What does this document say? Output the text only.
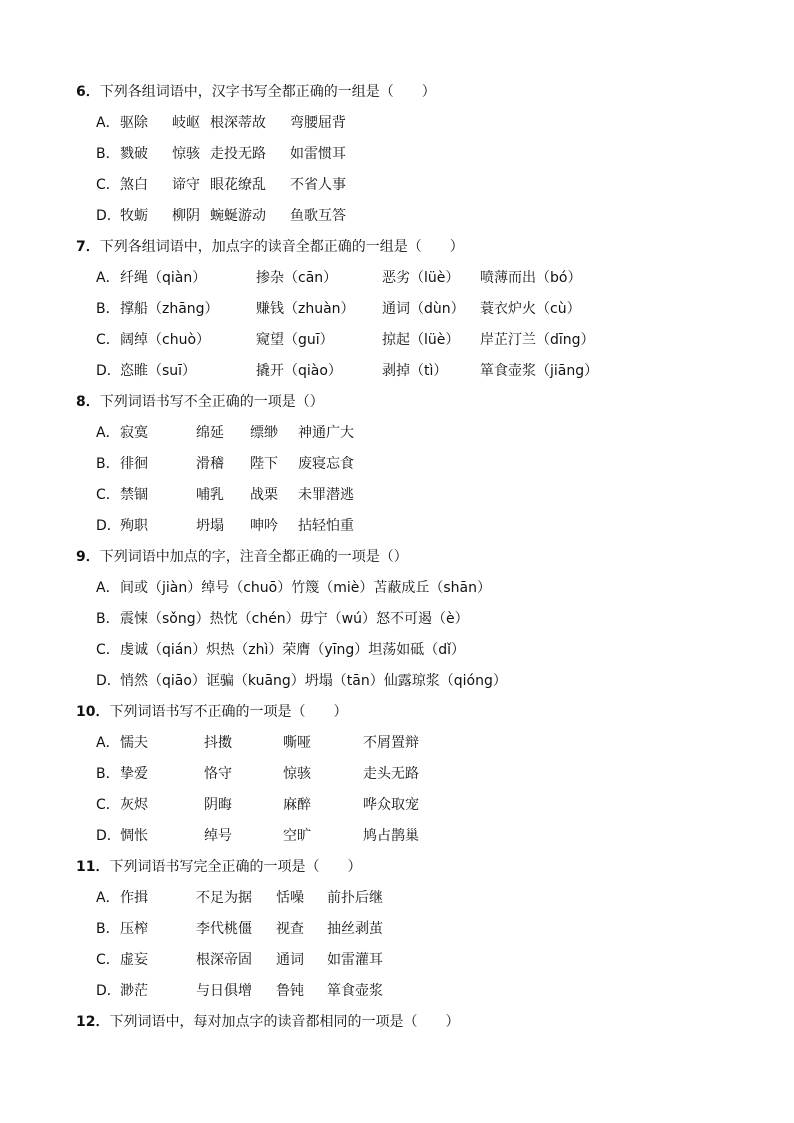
6．下列各组词语中，汉字书写全都正确的一组是（　　）
A． 驱除 岐岖 根深蒂故 弯腰屈背
B． 戮破 惊骇 走投无路 如雷惯耳
C． 煞白 谛守 眼花缭乱 不省人事
D． 牧蛎 柳阴 蜿蜒游动 鱼歌互答
7．下列各组词语中，加点字的读音全都正确的一组是（　　）
A． 纤绳（qiàn）	掺杂（cān）	恶劣（lüè） 喷薄而出（bó）
B． 撑船（zhāng）	赚钱（zhuàn） 通词（dùn） 蓑衣炉火（cù）
C． 阔绰（chuò）	窥望（guī）	掠起（lüè） 岸芷汀兰（dīng）
D． 恣睢（suī）	撬开（qiào）	剥掉（tì） 箪食壶浆（jiāng）
8．下列词语书写不全正确的一项是（）
A． 寂寞	绵延 缥缈 神通广大
B． 徘徊	滑稽 陛下 废寝忘食
C． 禁锢	哺乳 战栗 未罪潜逃
D． 殉职	坍塌 呻吟 拈轻怕重
9．下列词语中加点的字，注音全都正确的一项是（）
A． 间或（jiàn）绰号（chuō）竹篾（miè）苫蔽成丘（shān）
B． 震悚（sǒng）热忱（chén）毋宁（wú）怒不可遏（è）
C． 虔诚（qián）炽热（zhì）荣膺（yīng）坦荡如砥（dǐ）
D． 悄然（qiāo）诓骗（kuāng）坍塌（tān）仙露琼浆（qióng）
10．下列词语书写不正确的一项是（　　）
A． 懦夫	抖擞	嘶哑	不屑置辩
B． 挚爱	恪守	惊骇	走头无路
C． 灰烬	阴晦	麻醉	哗众取宠
D． 惆怅	绰号	空旷	鸠占鹊巢
11．下列词语书写完全正确的一项是（　　）
A． 作揖	不足为据 恬噪 前扑后继
B． 压榨	李代桃僵 视查 抽丝剥茧
C． 虚妄	根深帝固 通词 如雷灌耳
D． 渺茫	与日俱增 鲁钝 箪食壶浆
12．下列词语中，每对加点字的读音都相同的一项是（　　）
